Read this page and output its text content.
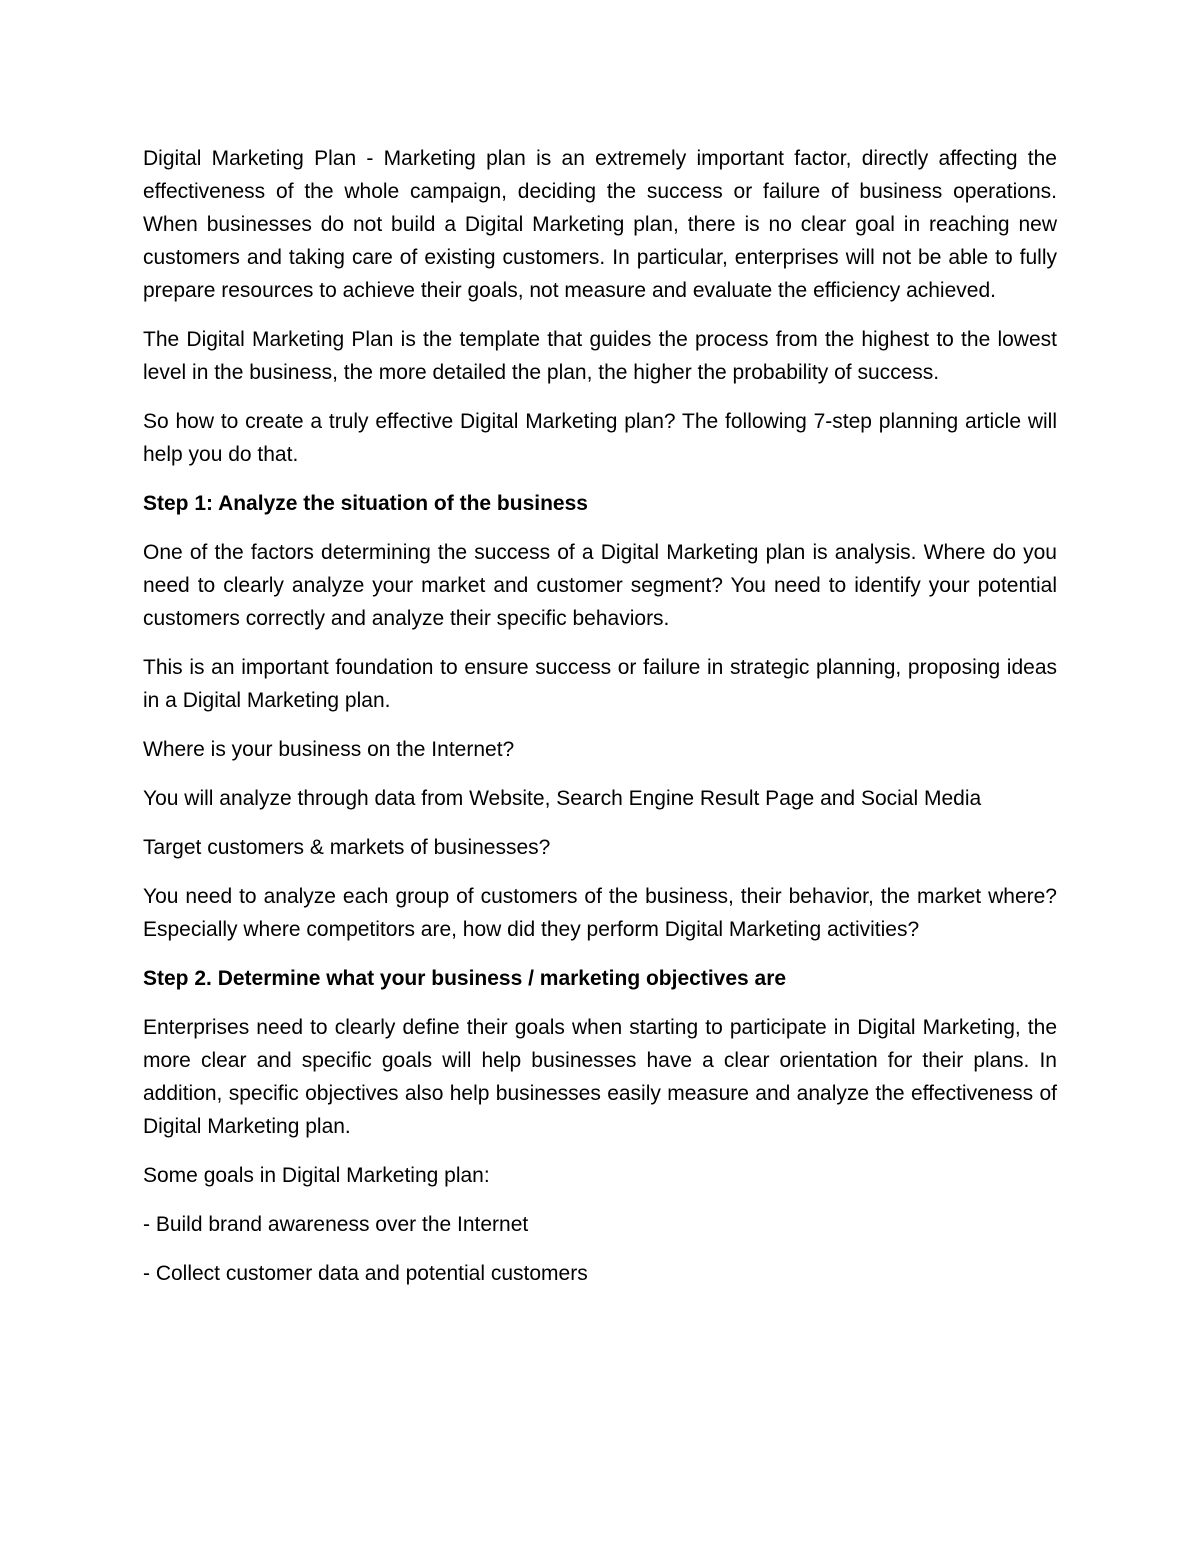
Digital Marketing Plan - Marketing plan is an extremely important factor, directly affecting the effectiveness of the whole campaign, deciding the success or failure of business operations. When businesses do not build a Digital Marketing plan, there is no clear goal in reaching new customers and taking care of existing customers. In particular, enterprises will not be able to fully prepare resources to achieve their goals, not measure and evaluate the efficiency achieved.

The Digital Marketing Plan is the template that guides the process from the highest to the lowest level in the business, the more detailed the plan, the higher the probability of success.

So how to create a truly effective Digital Marketing plan? The following 7-step planning article will help you do that.

Step 1: Analyze the situation of the business

One of the factors determining the success of a Digital Marketing plan is analysis. Where do you need to clearly analyze your market and customer segment? You need to identify your potential customers correctly and analyze their specific behaviors.

This is an important foundation to ensure success or failure in strategic planning, proposing ideas in a Digital Marketing plan.

Where is your business on the Internet?

You will analyze through data from Website, Search Engine Result Page and Social Media

Target customers & markets of businesses?

You need to analyze each group of customers of the business, their behavior, the market where? Especially where competitors are, how did they perform Digital Marketing activities?

Step 2. Determine what your business / marketing objectives are

Enterprises need to clearly define their goals when starting to participate in Digital Marketing, the more clear and specific goals will help businesses have a clear orientation for their plans. In addition, specific objectives also help businesses easily measure and analyze the effectiveness of Digital Marketing plan.

Some goals in Digital Marketing plan:

- Build brand awareness over the Internet

- Collect customer data and potential customers
